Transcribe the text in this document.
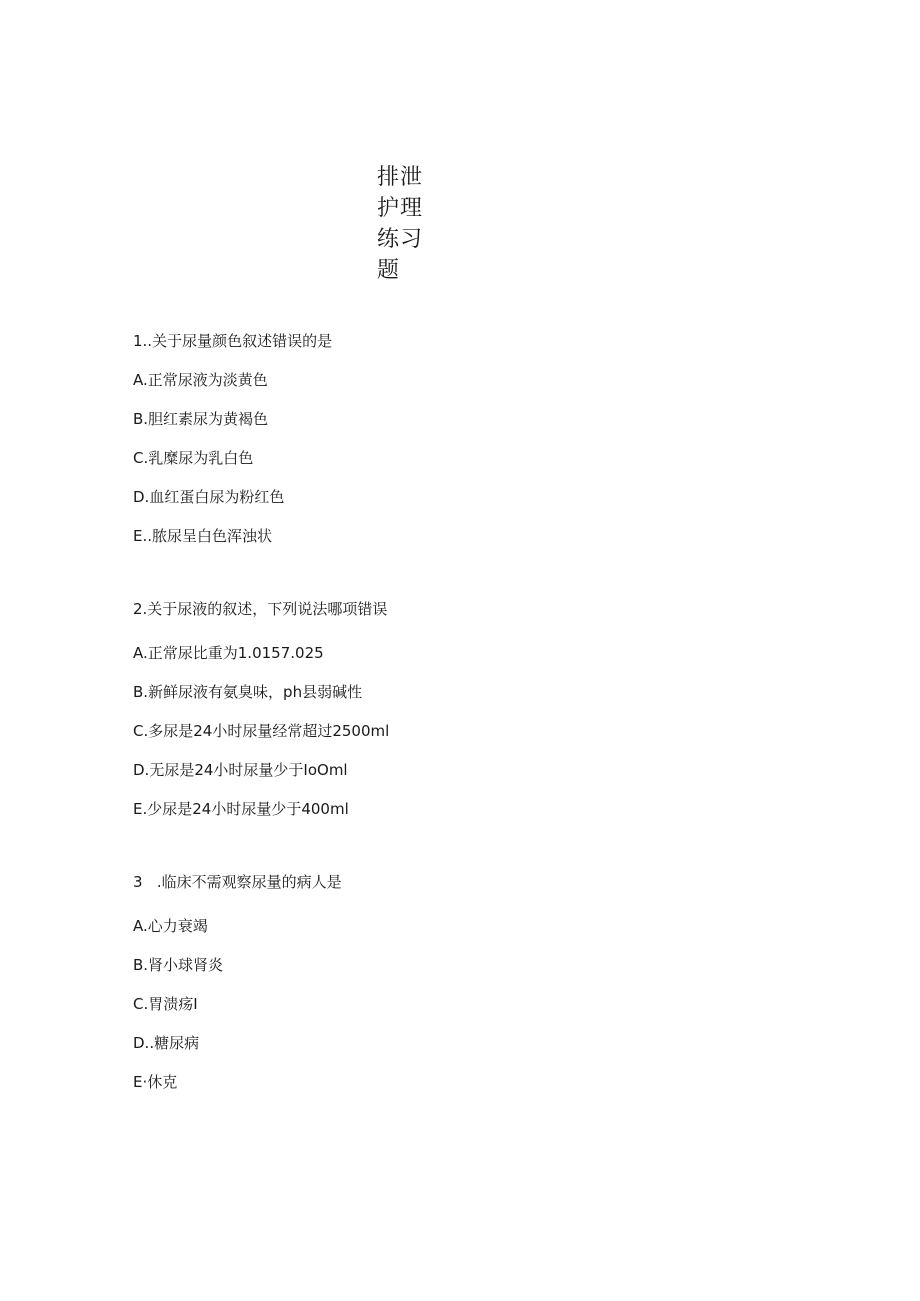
排泄
护理
练习
题
1..关于尿量颜色叙述错误的是
A.正常尿液为淡黄色
B.胆红素尿为黄褐色
C.乳糜尿为乳白色
D.血红蛋白尿为粉红色
E..脓尿呈白色浑浊状
2.关于尿液的叙述，下列说法哪项错误
A.正常尿比重为1.0157.025
B.新鲜尿液有氨臭味，ph县弱碱性
C.多尿是24小时尿量经常超过2500ml
D.无尿是24小时尿量少于IoOml
E.少尿是24小时尿量少于400ml
3   .临床不需观察尿量的病人是
A.心力衰竭
B.肾小球肾炎
C.胃溃疡I
D..糖尿病
E·休克
